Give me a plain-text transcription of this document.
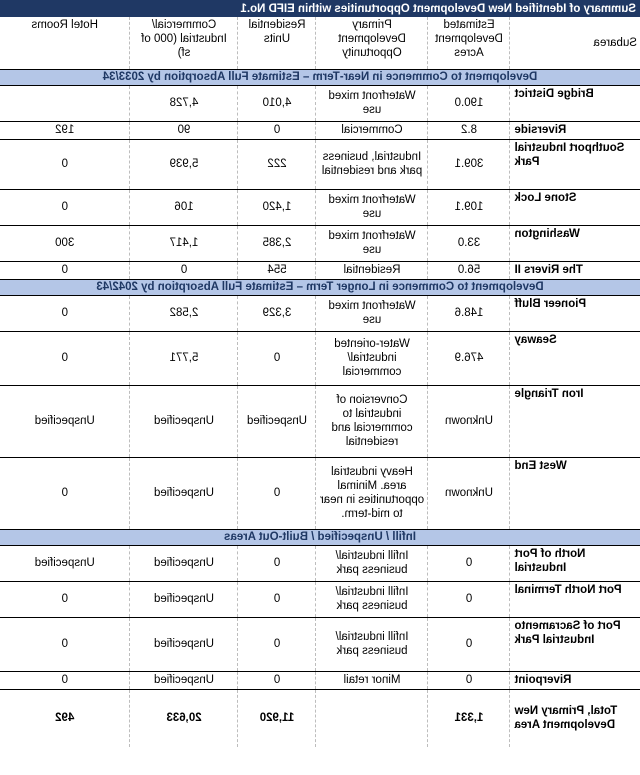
Summary of Identified New Development Opportunities within EIFD No.1					
Subarea	Estimated Development Acres	Primary Development Opportunity	Residential Units	Commercial/ Industrial (000 of sf)	Hotel Rooms
Development to Commence in Near-Term – Estimate Full Absorption by 2033/34					
Bridge District	190.0	Waterfront mixed use	4,010	4,728	
Riverside	8.2	Commercial	0	90	192
Southport Industrial Park	309.1	Industrial, business park and residential	222	5,939	0
Stone Lock	109.1	Waterfront mixed use	1,420	106	0
Washington	33.0	Waterfront mixed use	2,385	1,417	300
The Rivers II	56.0	Residential	554	0	0
Development to Commence in Longer Term – Estimate Full Absorption by 2042/43					
Pioneer Bluff	148.6	Waterfront mixed use	3,329	2,582	0
Seaway	476.9	Water-oriented industrial/ commercial	0	5,771	0
Iron Triangle	Unknown	Conversion of industrial to commercial and residential	Unspecified	Unspecified	Unspecified
West End	Unknown	Heavy industrial area. Minimal opportunities in near to mid-term.	0	Unspecified	0
Infill / Unspecified / Built-Out Areas					
North of Port Industrial	0	Infill industrial/ business park	0	Unspecified	Unspecified
Port North Terminal	0	Infill industrial/ business park	0	Unspecified	0
Port of Sacramento Industrial Park	0	Infill industrial/ business park	0	Unspecified	0
Riverpoint	0	Minor retail	0	Unspecified	0
Total, Primary New Development Area	1,331		11,920	20,633	492
